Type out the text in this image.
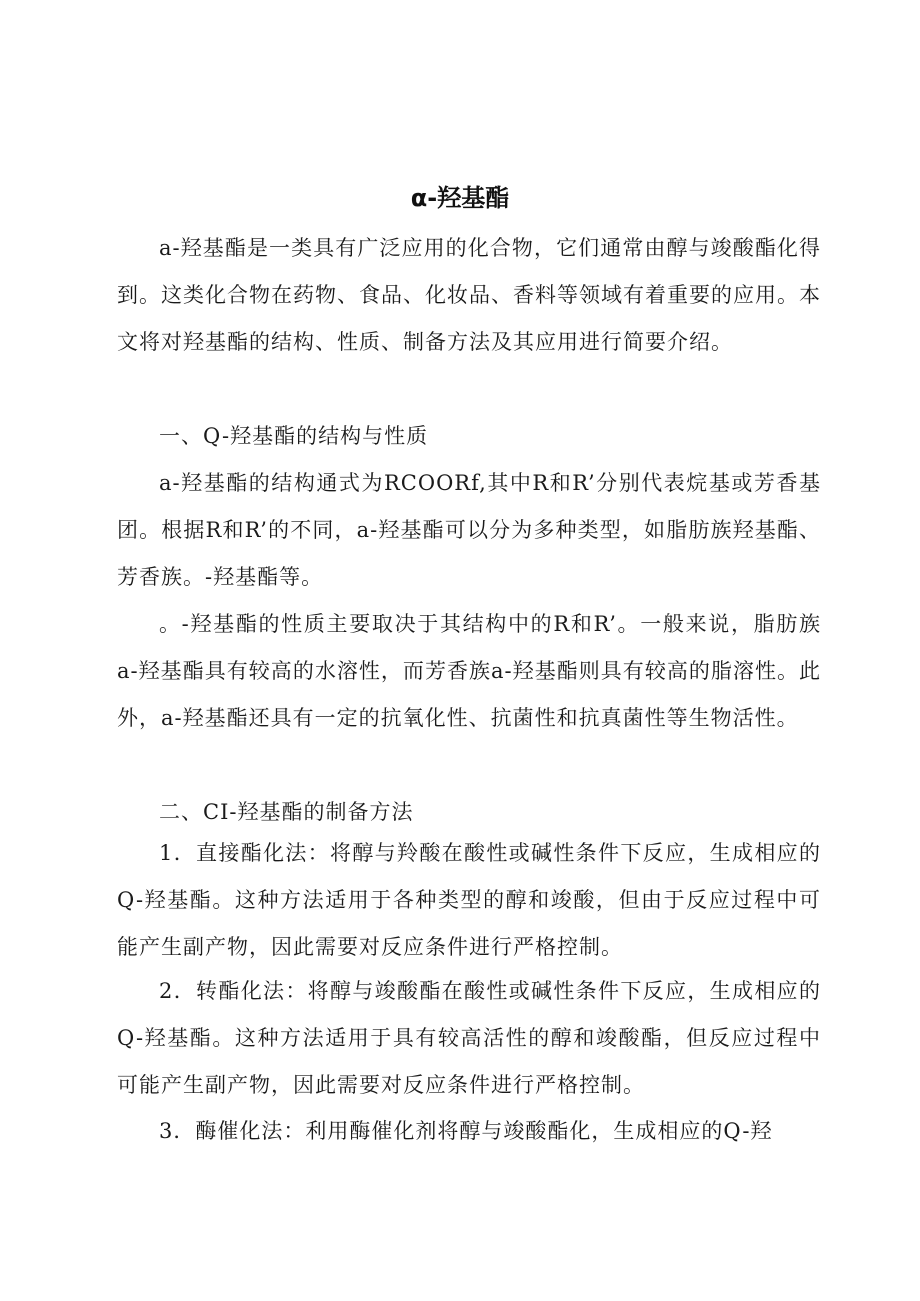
α-羟基酯

a-羟基酯是一类具有广泛应用的化合物，它们通常由醇与竣酸酯化得到。这类化合物在药物、食品、化妆品、香料等领域有着重要的应用。本文将对羟基酯的结构、性质、制备方法及其应用进行简要介绍。

一、Q-羟基酯的结构与性质

a-羟基酯的结构通式为RCOORf,其中R和R’分别代表烷基或芳香基团。根据R和R’的不同，a-羟基酯可以分为多种类型，如脂肪族羟基酯、芳香族。-羟基酯等。

。-羟基酯的性质主要取决于其结构中的R和R’。一般来说，脂肪族a-羟基酯具有较高的水溶性，而芳香族a-羟基酯则具有较高的脂溶性。此外，a-羟基酯还具有一定的抗氧化性、抗菌性和抗真菌性等生物活性。

二、CI-羟基酯的制备方法

1．直接酯化法：将醇与羚酸在酸性或碱性条件下反应，生成相应的Q-羟基酯。这种方法适用于各种类型的醇和竣酸，但由于反应过程中可能产生副产物，因此需要对反应条件进行严格控制。

2．转酯化法：将醇与竣酸酯在酸性或碱性条件下反应，生成相应的Q-羟基酯。这种方法适用于具有较高活性的醇和竣酸酯，但反应过程中可能产生副产物，因此需要对反应条件进行严格控制。

3．酶催化法：利用酶催化剂将醇与竣酸酯化，生成相应的Q-羟
